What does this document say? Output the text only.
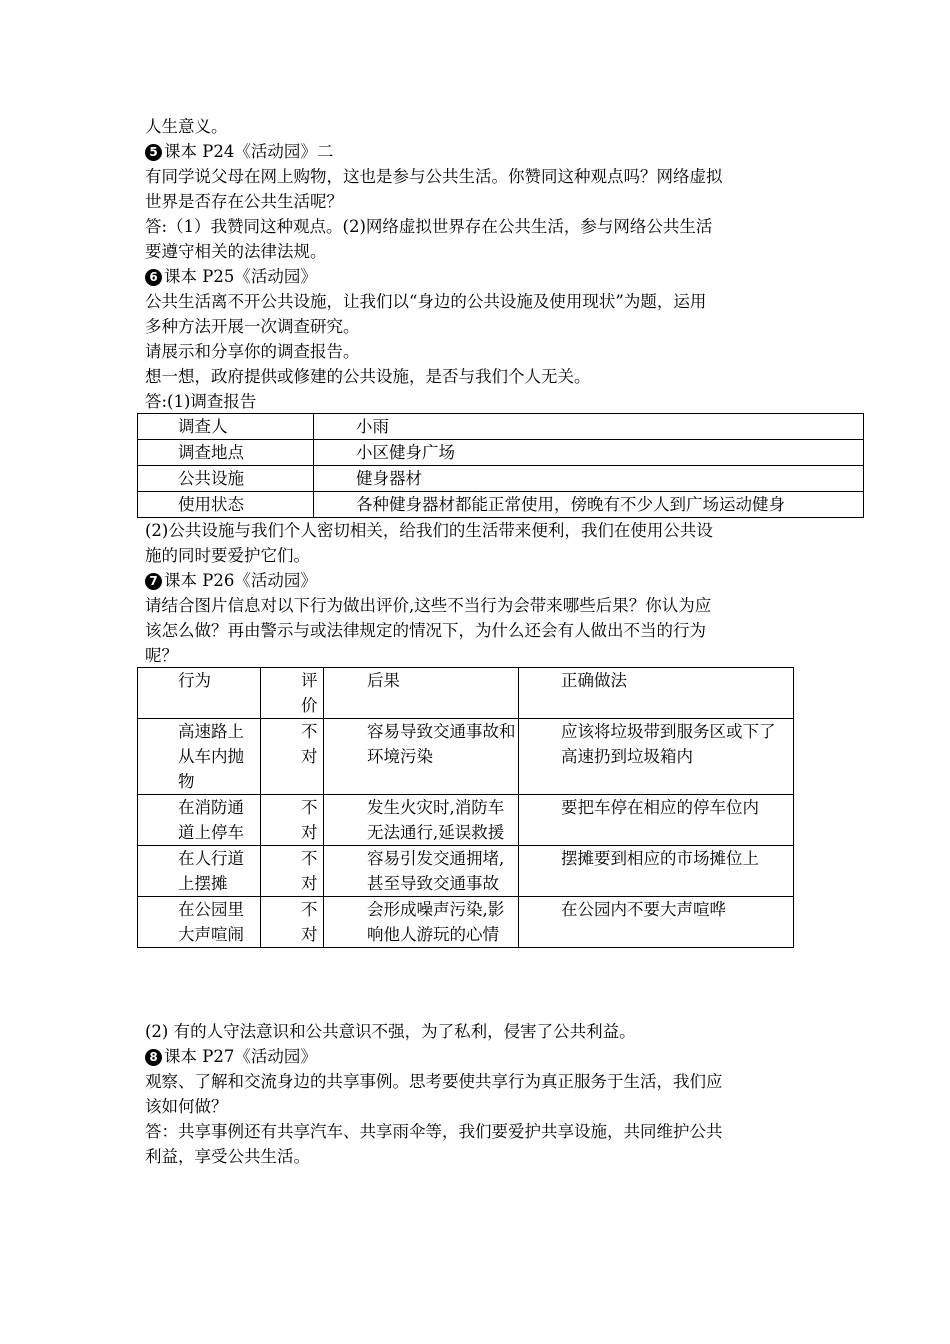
人生意义。
5 课本 P24《活动园》二
有同学说父母在网上购物，这也是参与公共生活。你赞同这种观点吗？网络虚拟
世界是否存在公共生活呢？
答:（1）我赞同这种观点。(2)网络虚拟世界存在公共生活，参与网络公共生活
要遵守相关的法律法规。
6 课本 P25《活动园》
公共生活离不开公共设施，让我们以“身边的公共设施及使用现状”为题，运用
多种方法开展一次调查研究。
请展示和分享你的调查报告。
想一想，政府提供或修建的公共设施，是否与我们个人无关。
答:(1)调查报告
调查人	小雨
调查地点	小区健身广场
公共设施	健身器材
使用状态	各种健身器材都能正常使用，傍晚有不少人到广场运动健身
(2)公共设施与我们个人密切相关，给我们的生活带来便利，我们在使用公共设
施的同时要爱护它们。
7 课本 P26《活动园》
请结合图片信息对以下行为做出评价,这些不当行为会带来哪些后果？你认为应
该怎么做？再由警示与或法律规定的情况下，为什么还会有人做出不当的行为
呢？
行为	评价	后果	正确做法

高速路上从车内抛物	不对	容易导致交通事故和环境污染	应该将垃圾带到服务区或下了高速扔到垃圾箱内

在消防通道上停车	不对	发生火灾时,消防车无法通行,延误救援	要把车停在相应的停车位内

在人行道上摆摊	不对	容易引发交通拥堵,甚至导致交通事故	摆摊要到相应的市场摊位上

在公园里大声喧闹	不对	会形成噪声污染,影响他人游玩的心情	在公园内不要大声喧哗
(2) 有的人守法意识和公共意识不强，为了私利，侵害了公共利益。
8 课本 P27《活动园》
观察、了解和交流身边的共享事例。思考要使共享行为真正服务于生活，我们应
该如何做？
答：共享事例还有共享汽车、共享雨伞等，我们要爱护共享设施，共同维护公共
利益，享受公共生活。
